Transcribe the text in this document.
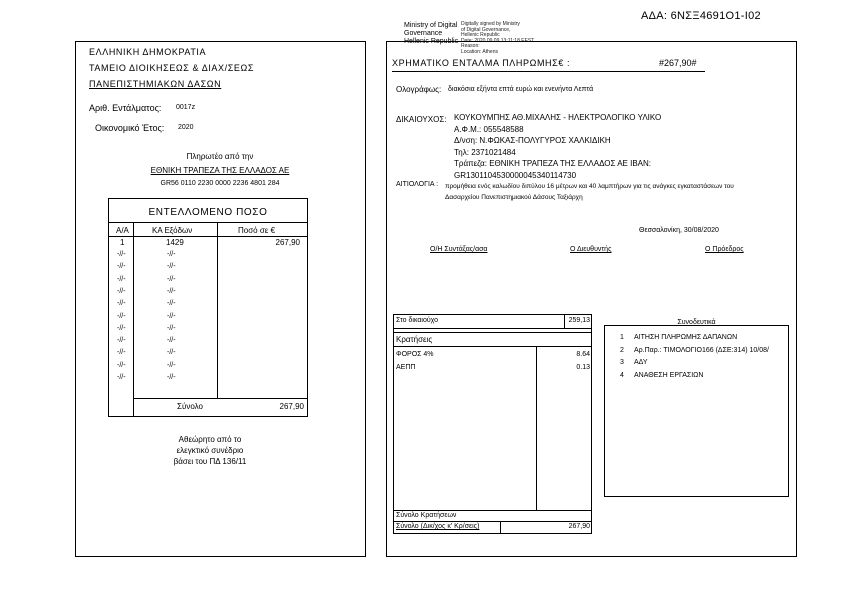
ΑΔΑ: 6ΝΣΞ4691Ο1-Ι02
Ministry of Digital
Governance
Hellenic Republic
Digitally signed by Ministry
of Digital Governance,
Hellenic Republic
Date: 2020.09.09 13:11:18 EEST
Reason:
Location: Athens
ΕΛΛΗΝΙΚΗ ΔΗΜΟΚΡΑΤΙΑ
ΤΑΜΕΙΟ ΔΙΟΙΚΗΣΕΩΣ & ΔΙΑΧ/ΣΕΩΣ
ΠΑΝΕΠΙΣΤΗΜΙΑΚΩΝ ΔΑΣΩΝ
Αριθ. Εντάλματος: 0017z
Οικονομικό Έτος: 2020
Πληρωτέο από την
ΕΘΝΙΚΗ ΤΡΑΠΕΖΑ ΤΗΣ ΕΛΛΑΔΟΣ ΑΕ
GR56 0110 2230 0000 2236 4801 284
ΕΝΤΕΛΛΟΜΕΝΟ ΠΟΣΟ
Α/Α	ΚΑ Εξόδων	Ποσό σε €
1	1429	267,90
-//-	-//-
-//-	-//-
-//-	-//-
-//-	-//-
-//-	-//-
-//-	-//-
-//-	-//-
-//-	-//-
-//-	-//-
-//-	-//-
-//-	-//-
Σύνολο	267,90
Αθεώρητο από το
ελεγκτικό συνέδριο
βάσει του ΠΔ 136/11
ΧΡΗΜΑΤΙΚΟ ΕΝΤΑΛΜΑ ΠΛΗΡΩΜΗΣ€ :	#267,90#
Ολογράφως: διακόσια εξήντα επτά ευρώ και ενενήντα Λεπτά
ΔΙΚΑΙΟΥΧΟΣ: ΚΟΥΚΟΥΜΠΗΣ ΑΘ.ΜΙΧΑΛΗΣ - ΗΛΕΚΤΡΟΛΟΓΙΚΟ ΥΛΙΚΟ
Α.Φ.Μ.: 055548588
Δ/νση: Ν.ΦΩΚΑΣ-ΠΟΛΥΓΥΡΟΣ ΧΑΛΚΙΔΙΚΗ
Τηλ: 2371021484
Τράπεζα: ΕΘΝΙΚΗ ΤΡΑΠΕΖΑ ΤΗΣ ΕΛΛΑΔΟΣ ΑΕ IBAN:
GR1301104530000045340114730
ΑΙΤΙΟΛΟΓΙΑ : προμήθεια ενός καλωδίου διπύλου 16 μέτρων και 40 λαμπτήρων για τις ανάγκες εγκαταστάσεων του
Δασαρχείου Πανεπιστημιακού Δάσους Ταξιάρχη
Θεσσαλονίκη, 30/08/2020
Ο/Η Συντάξας/ασα	Ο Διευθυντής	Ο Πρόεδρος
Στο δικαιούχο	259,13
Κρατήσεις
ΦΟΡΟΣ 4%	8.64
ΑΕΠΠ	0.13
Σύνολο Κρατήσεων
Σύνολο (Δικ/χος κ' Κρ/σεις)	267,90
Συνοδευτικά
1 ΑΙΤΗΣΗ ΠΛΗΡΩΜΗΣ ΔΑΠΑΝΩΝ
2 Αρ.Παρ.: ΤΙΜΟΛΟΓΙΟ166 (ΔΣΕ:314) 10/08/
3 ΑΔΥ
4 ΑΝΑΘΕΣΗ ΕΡΓΑΣΙΩΝ
